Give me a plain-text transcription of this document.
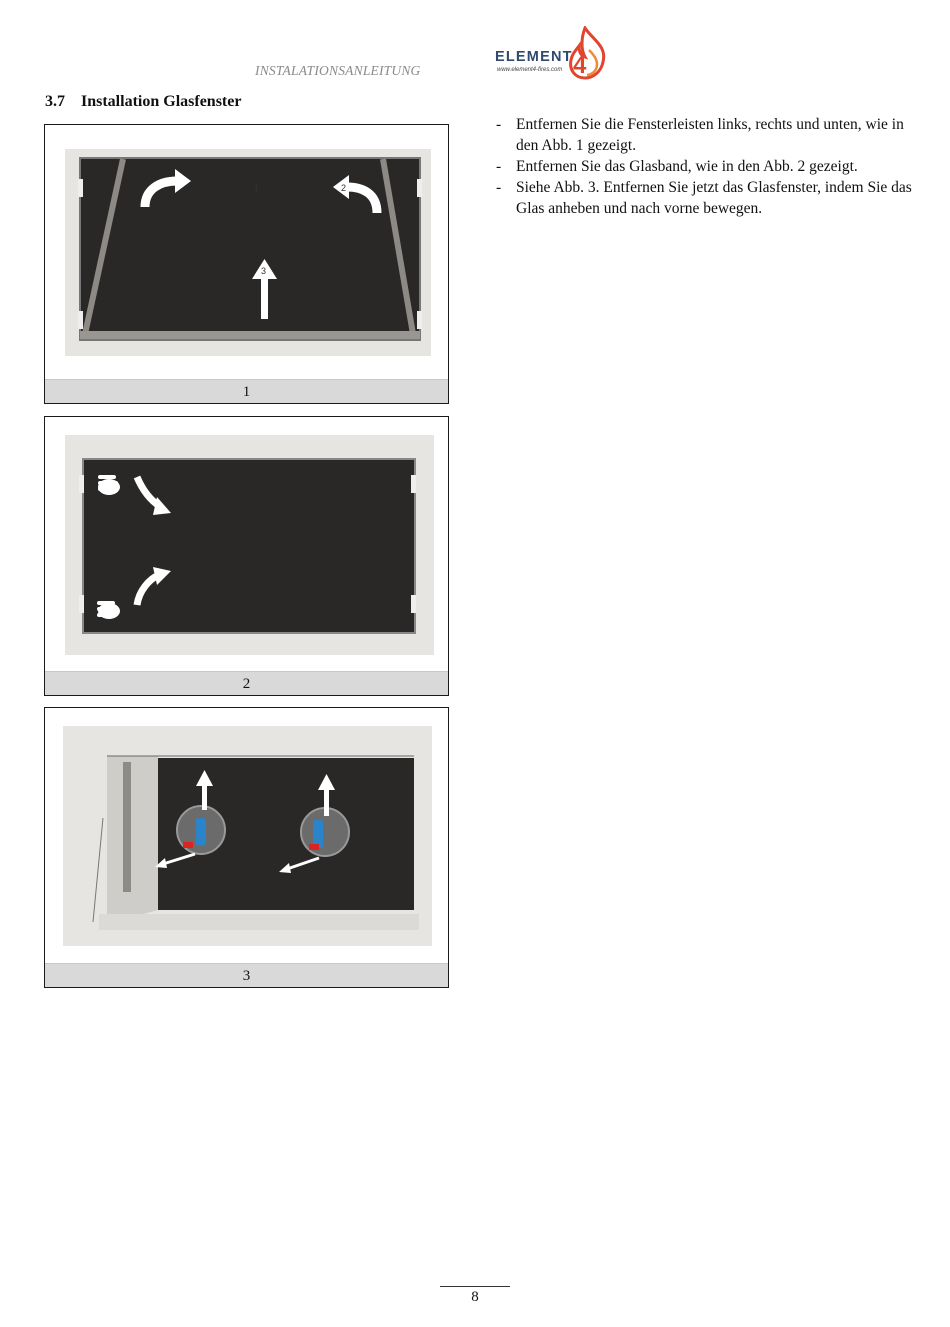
INSTALATIONSANLEITUNG
ELEMENT 4
www.element4-fires.com
3.7 Installation Glasfenster
1	2
3
1
2
3
- Entfernen Sie die Fensterleisten links, rechts und unten, wie in den Abb. 1 gezeigt.
- Entfernen Sie das Glasband, wie in den Abb. 2 gezeigt.
- Siehe Abb. 3. Entfernen Sie jetzt das Glasfenster, indem Sie das Glas anheben und nach vorne bewegen.
8
